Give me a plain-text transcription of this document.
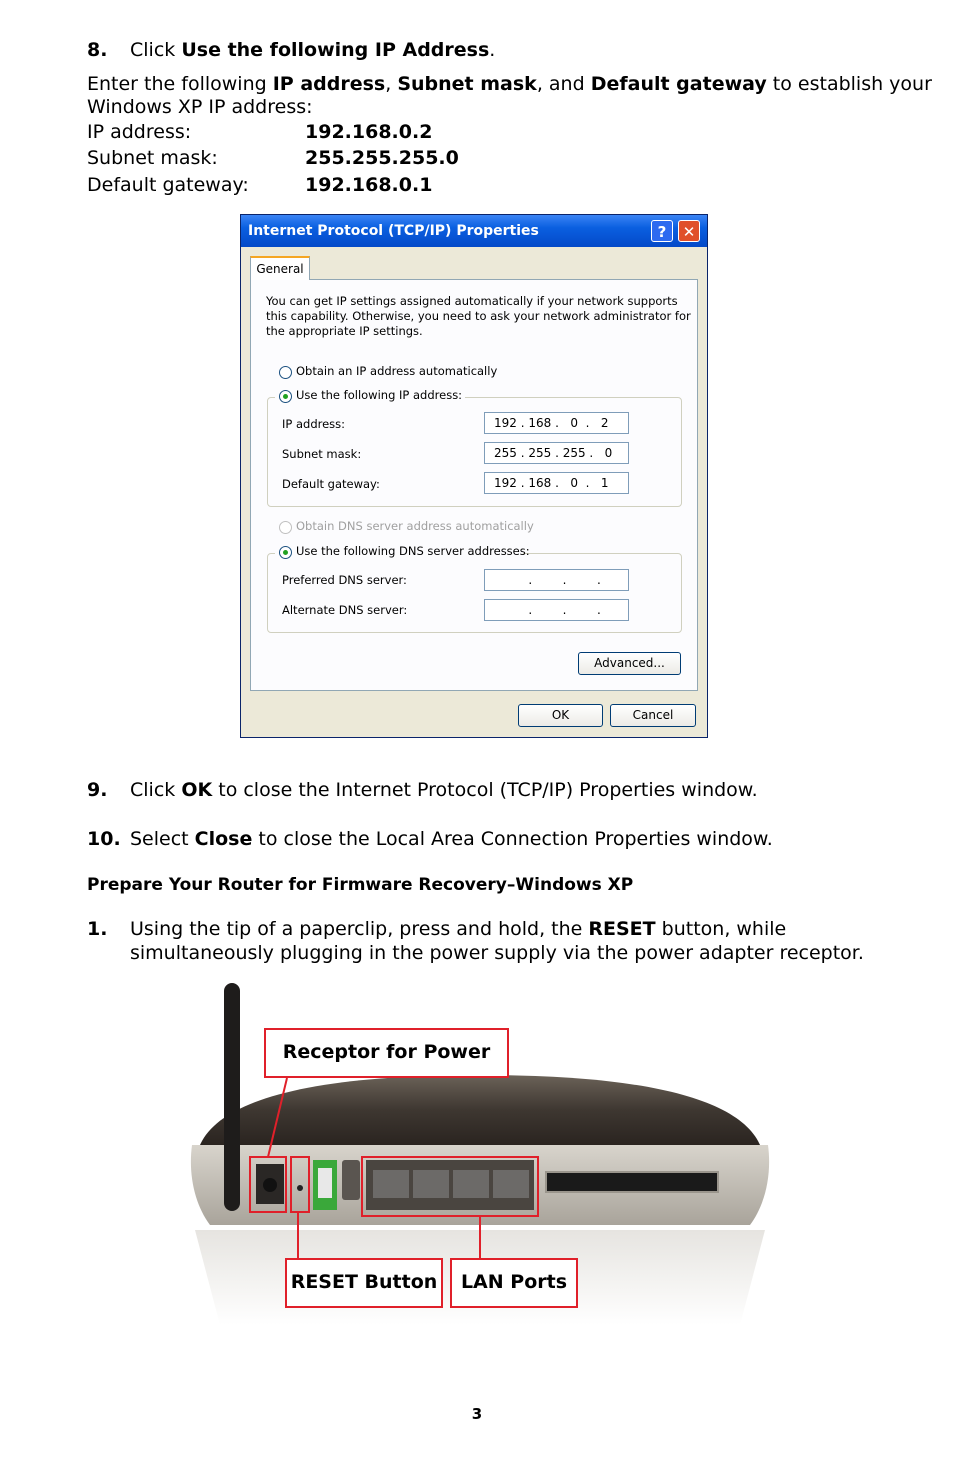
8. Click Use the following IP Address.
Enter the following IP address, Subnet mask, and Default gateway to establish your
Windows XP IP address:
IP address:	192.168.0.2
Subnet mask:	255.255.255.0
Default gateway:	192.168.0.1
Internet Protocol (TCP/IP) Properties	?	✕
General
You can get IP settings assigned automatically if your network supports
this capability. Otherwise, you need to ask your network administrator for
the appropriate IP settings.
Obtain an IP address automatically
Use the following IP address:
IP address:	192 . 168 .   0  .   2
Subnet mask:	255 . 255 . 255 .   0
Default gateway:	192 . 168 .   0  .   1
Obtain DNS server address automatically
Use the following DNS server addresses:
Preferred DNS server:	.        .        .
Alternate DNS server:	.        .        .
Advanced...
OK	Cancel
9. Click OK to close the Internet Protocol (TCP/IP) Properties window.
10. Select Close to close the Local Area Connection Properties window.
Prepare Your Router for Firmware Recovery–Windows XP
1. Using the tip of a paperclip, press and hold, the RESET button, while
simultaneously plugging in the power supply via the power adapter receptor.
Receptor for Power
RESET Button	LAN Ports
3
